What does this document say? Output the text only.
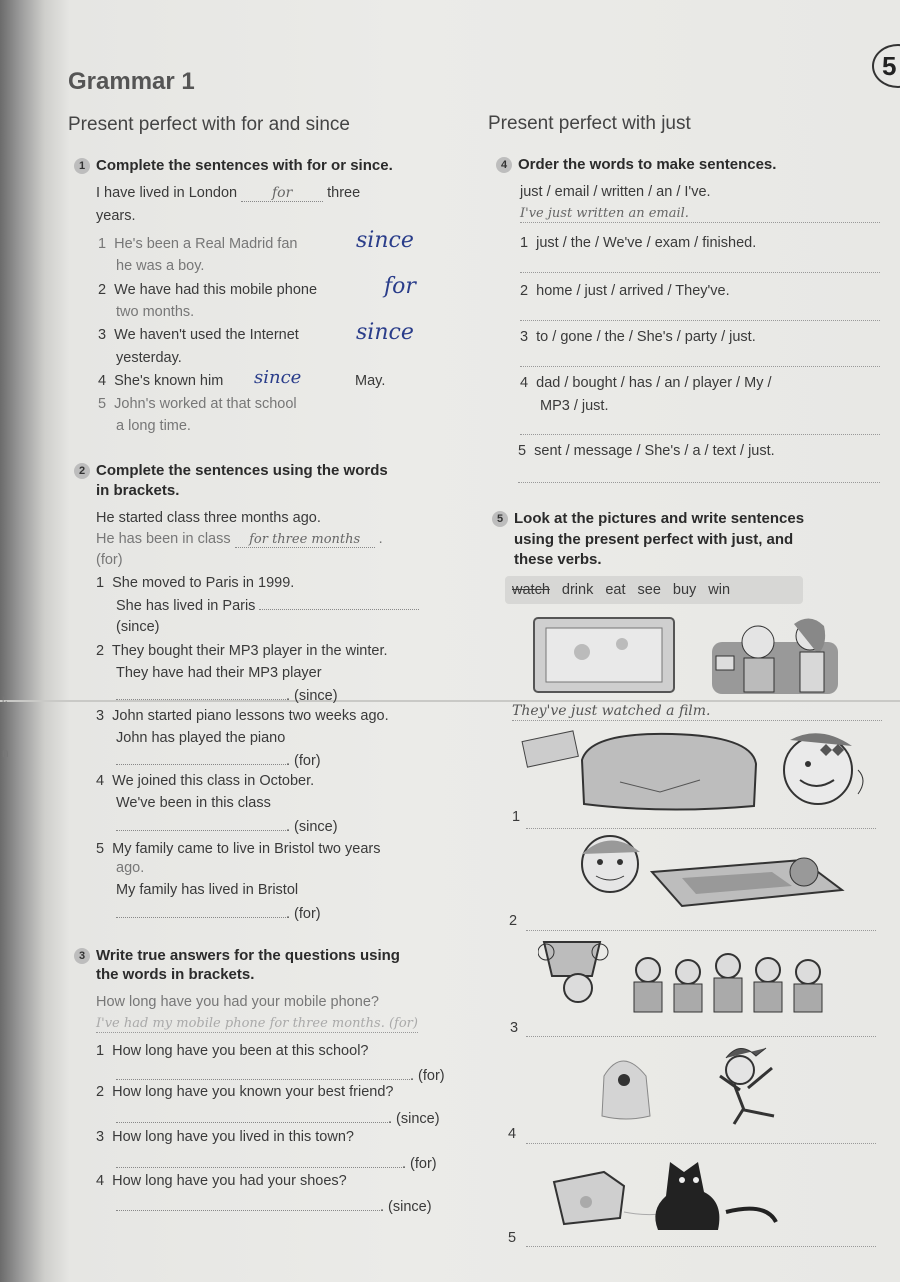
r,
n
5
Grammar 1
Present perfect with for and since
1 Complete the sentences with for or since.
I have lived in London for three
years.
1 He's been a Real Madrid fan	since
he was a boy.
2 We have had this mobile phone	for
two months.
3 We haven't used the Internet	since
yesterday.
4 She's known him since	May.
5 John's worked at that school
a long time.
2 Complete the sentences using the words
in brackets.
He started class three months ago.
He has been in class for three months .
(for)
1 She moved to Paris in 1999.
She has lived in Paris
(since)
2 They bought their MP3 player in the winter.
They have had their MP3 player
. (since)
3 John started piano lessons two weeks ago.
John has played the piano
. (for)
4 We joined this class in October.
We've been in this class
. (since)
5 My family came to live in Bristol two years
ago.
My family has lived in Bristol
. (for)
3 Write true answers for the questions using
the words in brackets.
How long have you had your mobile phone?
I've had my mobile phone for three months. (for)
1 How long have you been at this school?
. (for)
2 How long have you known your best friend?
. (since)
3 How long have you lived in this town?
. (for)
4 How long have you had your shoes?
. (since)
Present perfect with just
4 Order the words to make sentences.
just / email / written / an / I've.
I've just written an email.
1 just / the / We've / exam / finished.
2 home / just / arrived / They've.
3 to / gone / the / She's / party / just.
4 dad / bought / has / an / player / My /
MP3 / just.
5 sent / message / She's / a / text / just.
5 Look at the pictures and write sentences
using the present perfect with just, and
these verbs.
watch drink eat see buy win
They've just watched a film.
1
2
3
4
5
